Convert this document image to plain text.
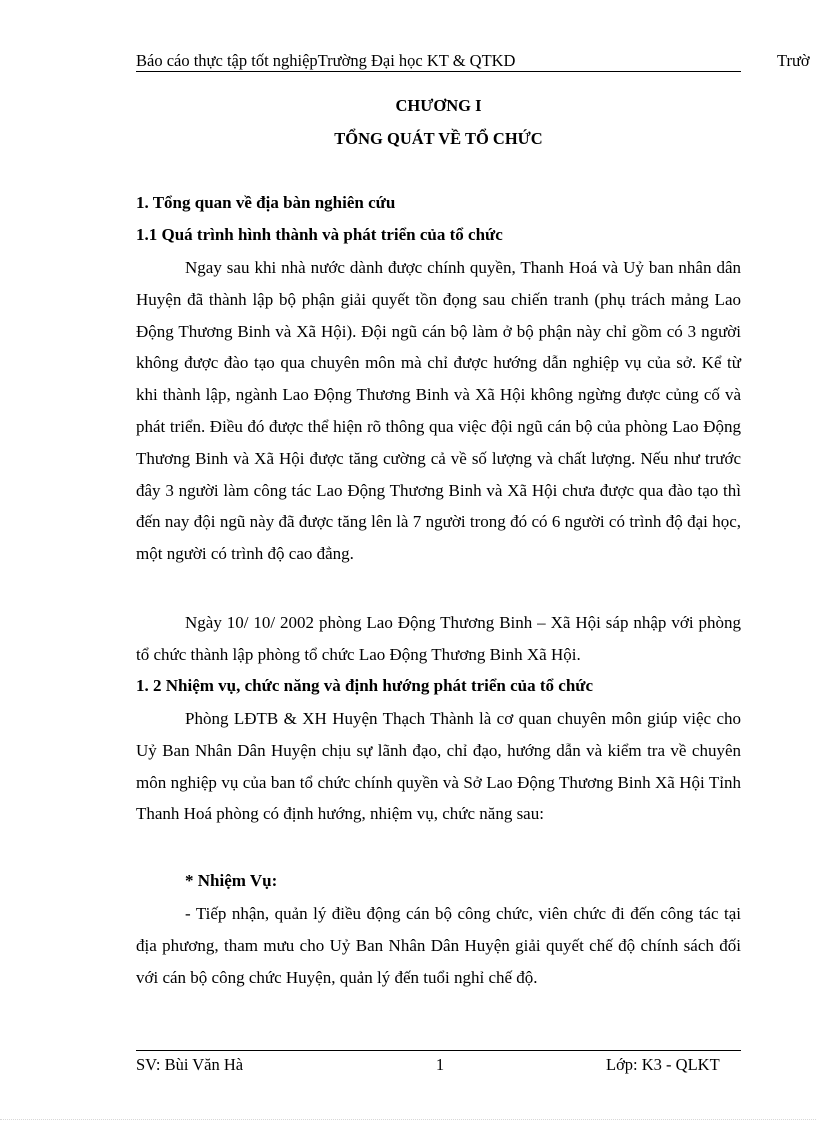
Báo cáo thực tập tốt nghiệpTrường Đại học KT & QTKD	Trườ
CHƯƠNG I
TỔNG QUÁT VỀ TỔ CHỨC
1. Tổng quan về địa bàn nghiên cứu
1.1 Quá trình hình thành và phát triển của tổ chức

Ngay sau khi nhà nước dành được chính quyền, Thanh Hoá và Uỷ ban nhân dân Huyện đã thành lập bộ phận giải quyết tồn đọng sau chiến tranh (phụ trách mảng Lao Động Thương Binh và Xã Hội). Đội ngũ cán bộ làm ở bộ phận này chỉ gồm có 3 người không được đào tạo qua chuyên môn mà chỉ được hướng dẫn nghiệp vụ của sở. Kể từ khi thành lập, ngành Lao Động Thương Binh và Xã Hội không ngừng được củng cố và phát triển. Điều đó được thể hiện rõ thông qua việc đội ngũ cán bộ của phòng Lao Động Thương Binh và Xã Hội được tăng cường cả về số lượng và chất lượng. Nếu như trước đây 3 người làm công tác Lao Động Thương Binh và Xã Hội chưa được qua đào tạo thì đến nay đội ngũ này đã được tăng lên là 7 người trong đó có 6 người có trình độ đại học, một người có trình độ cao đẳng.

Ngày 10/ 10/ 2002 phòng Lao Động Thương Binh – Xã Hội sáp nhập với phòng tổ chức thành lập phòng tổ chức Lao Động Thương Binh Xã Hội.

1. 2 Nhiệm vụ, chức năng và định hướng phát triển của tổ chức

Phòng LĐTB & XH Huyện Thạch Thành là cơ quan chuyên môn giúp việc cho Uỷ Ban Nhân Dân Huyện chịu sự lãnh đạo, chỉ đạo, hướng dẫn và kiểm tra về chuyên môn nghiệp vụ của ban tổ chức chính quyền và Sở Lao Động Thương Binh Xã Hội Tỉnh Thanh Hoá phòng có định hướng, nhiệm vụ, chức năng sau:

* Nhiệm Vụ:

- Tiếp nhận, quản lý điều động cán bộ công chức, viên chức đi đến công tác tại địa phương, tham mưu cho Uỷ Ban Nhân Dân Huyện giải quyết chế độ chính sách đối với cán bộ công chức Huyện, quản lý đến tuổi nghỉ chế độ.

SV: Bùi Văn Hà	1	Lớp: K3 - QLKT
